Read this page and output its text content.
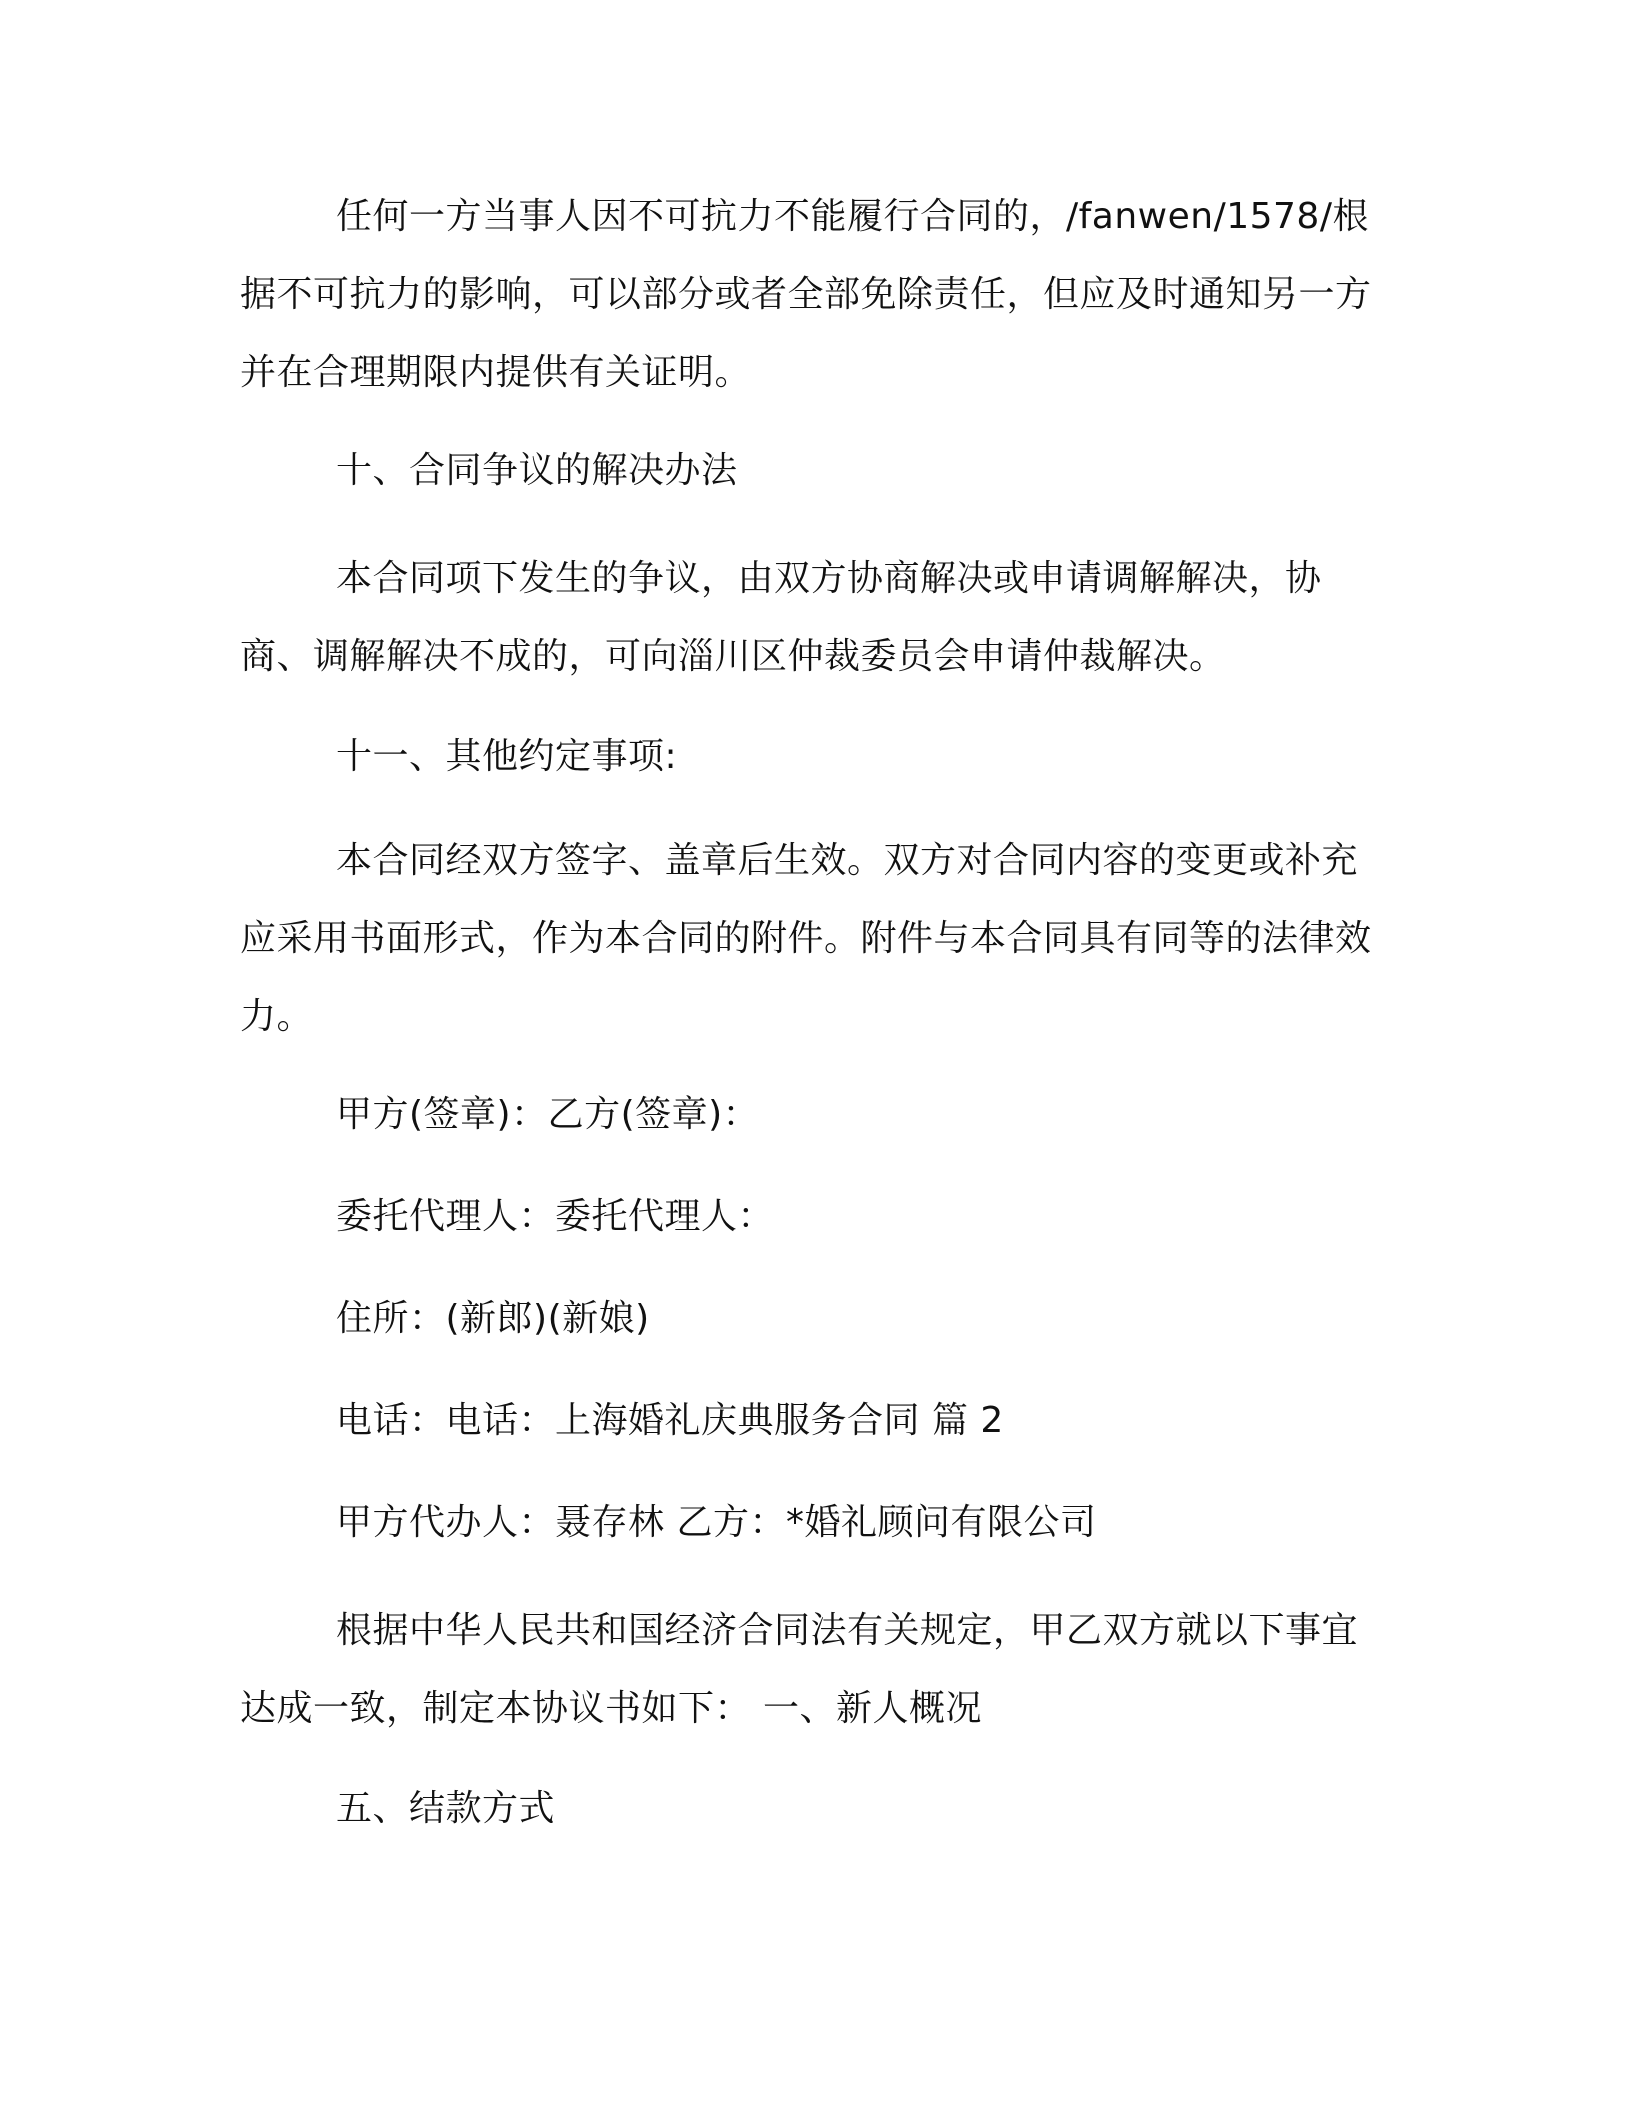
任何一方当事人因不可抗力不能履行合同的，/fanwen/1578/根据不可抗力的影响，可以部分或者全部免除责任，但应及时通知另一方并在合理期限内提供有关证明。

十、合同争议的解决办法

本合同项下发生的争议，由双方协商解决或申请调解解决，协商、调解解决不成的，可向淄川区仲裁委员会申请仲裁解决。

十一、其他约定事项:

本合同经双方签字、盖章后生效。双方对合同内容的变更或补充应采用书面形式，作为本合同的附件。附件与本合同具有同等的法律效力。

甲方(签章)：乙方(签章)：

委托代理人：委托代理人：

住所：(新郎)(新娘)

电话：电话：上海婚礼庆典服务合同 篇 2

甲方代办人：聂存林 乙方：*婚礼顾问有限公司

根据中华人民共和国经济合同法有关规定，甲乙双方就以下事宜达成一致，制定本协议书如下： 一、新人概况

五、结款方式
